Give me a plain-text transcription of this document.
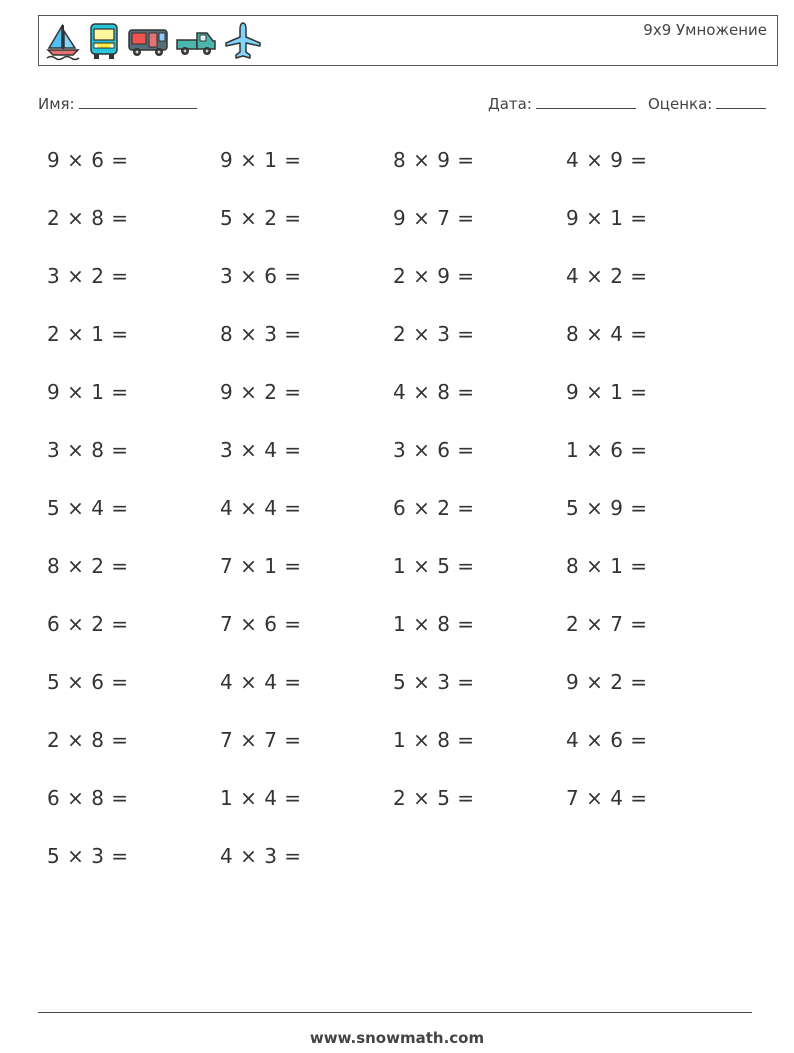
9x9 Умножение
Имя:	Дата:	Оценка:
9 × 6 =	9 × 1 =	8 × 9 =	4 × 9 =
2 × 8 =	5 × 2 =	9 × 7 =	9 × 1 =
3 × 2 =	3 × 6 =	2 × 9 =	4 × 2 =
2 × 1 =	8 × 3 =	2 × 3 =	8 × 4 =
9 × 1 =	9 × 2 =	4 × 8 =	9 × 1 =
3 × 8 =	3 × 4 =	3 × 6 =	1 × 6 =
5 × 4 =	4 × 4 =	6 × 2 =	5 × 9 =
8 × 2 =	7 × 1 =	1 × 5 =	8 × 1 =
6 × 2 =	7 × 6 =	1 × 8 =	2 × 7 =
5 × 6 =	4 × 4 =	5 × 3 =	9 × 2 =
2 × 8 =	7 × 7 =	1 × 8 =	4 × 6 =
6 × 8 =	1 × 4 =	2 × 5 =	7 × 4 =
5 × 3 =	4 × 3 =
www.snowmath.com
